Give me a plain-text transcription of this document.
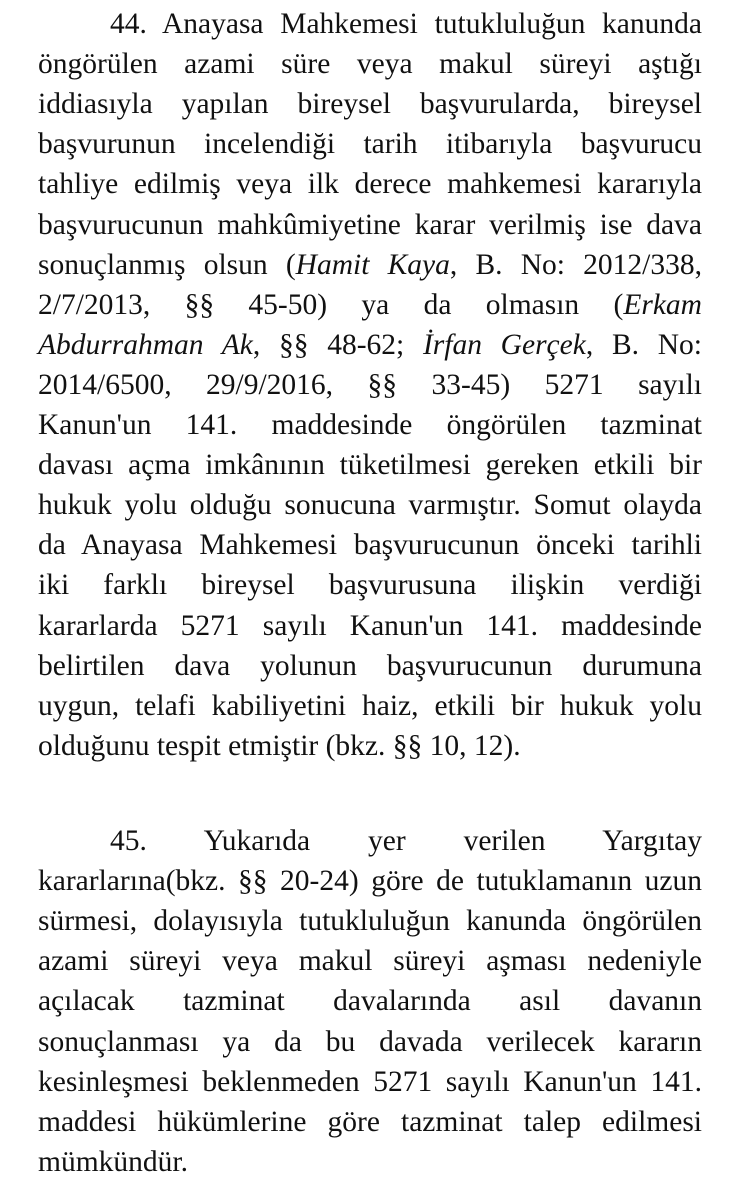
44. Anayasa Mahkemesi tutukluluğun kanunda
öngörülen azami süre veya makul süreyi aştığı
iddiasıyla yapılan bireysel başvurularda, bireysel
başvurunun incelendiği tarih itibarıyla başvurucu
tahliye edilmiş veya ilk derece mahkemesi kararıyla
başvurucunun mahkûmiyetine karar verilmiş ise dava
sonuçlanmış olsun (Hamit Kaya, B. No: 2012/338,
2/7/2013, §§ 45-50) ya da olmasın (Erkam
Abdurrahman Ak, §§ 48-62; İrfan Gerçek, B. No:
2014/6500, 29/9/2016, §§ 33-45) 5271 sayılı
Kanun'un 141. maddesinde öngörülen tazminat
davası açma imkânının tüketilmesi gereken etkili bir
hukuk yolu olduğu sonucuna varmıştır. Somut olayda
da Anayasa Mahkemesi başvurucunun önceki tarihli
iki farklı bireysel başvurusuna ilişkin verdiği
kararlarda 5271 sayılı Kanun'un 141. maddesinde
belirtilen dava yolunun başvurucunun durumuna
uygun, telafi kabiliyetini haiz, etkili bir hukuk yolu
olduğunu tespit etmiştir (bkz. §§ 10, 12).
45. Yukarıda yer verilen Yargıtay
kararlarına(bkz. §§ 20-24) göre de tutuklamanın uzun
sürmesi, dolayısıyla tutukluluğun kanunda öngörülen
azami süreyi veya makul süreyi aşması nedeniyle
açılacak tazminat davalarında asıl davanın
sonuçlanması ya da bu davada verilecek kararın
kesinleşmesi beklenmeden 5271 sayılı Kanun'un 141.
maddesi hükümlerine göre tazminat talep edilmesi
mümkündür.
